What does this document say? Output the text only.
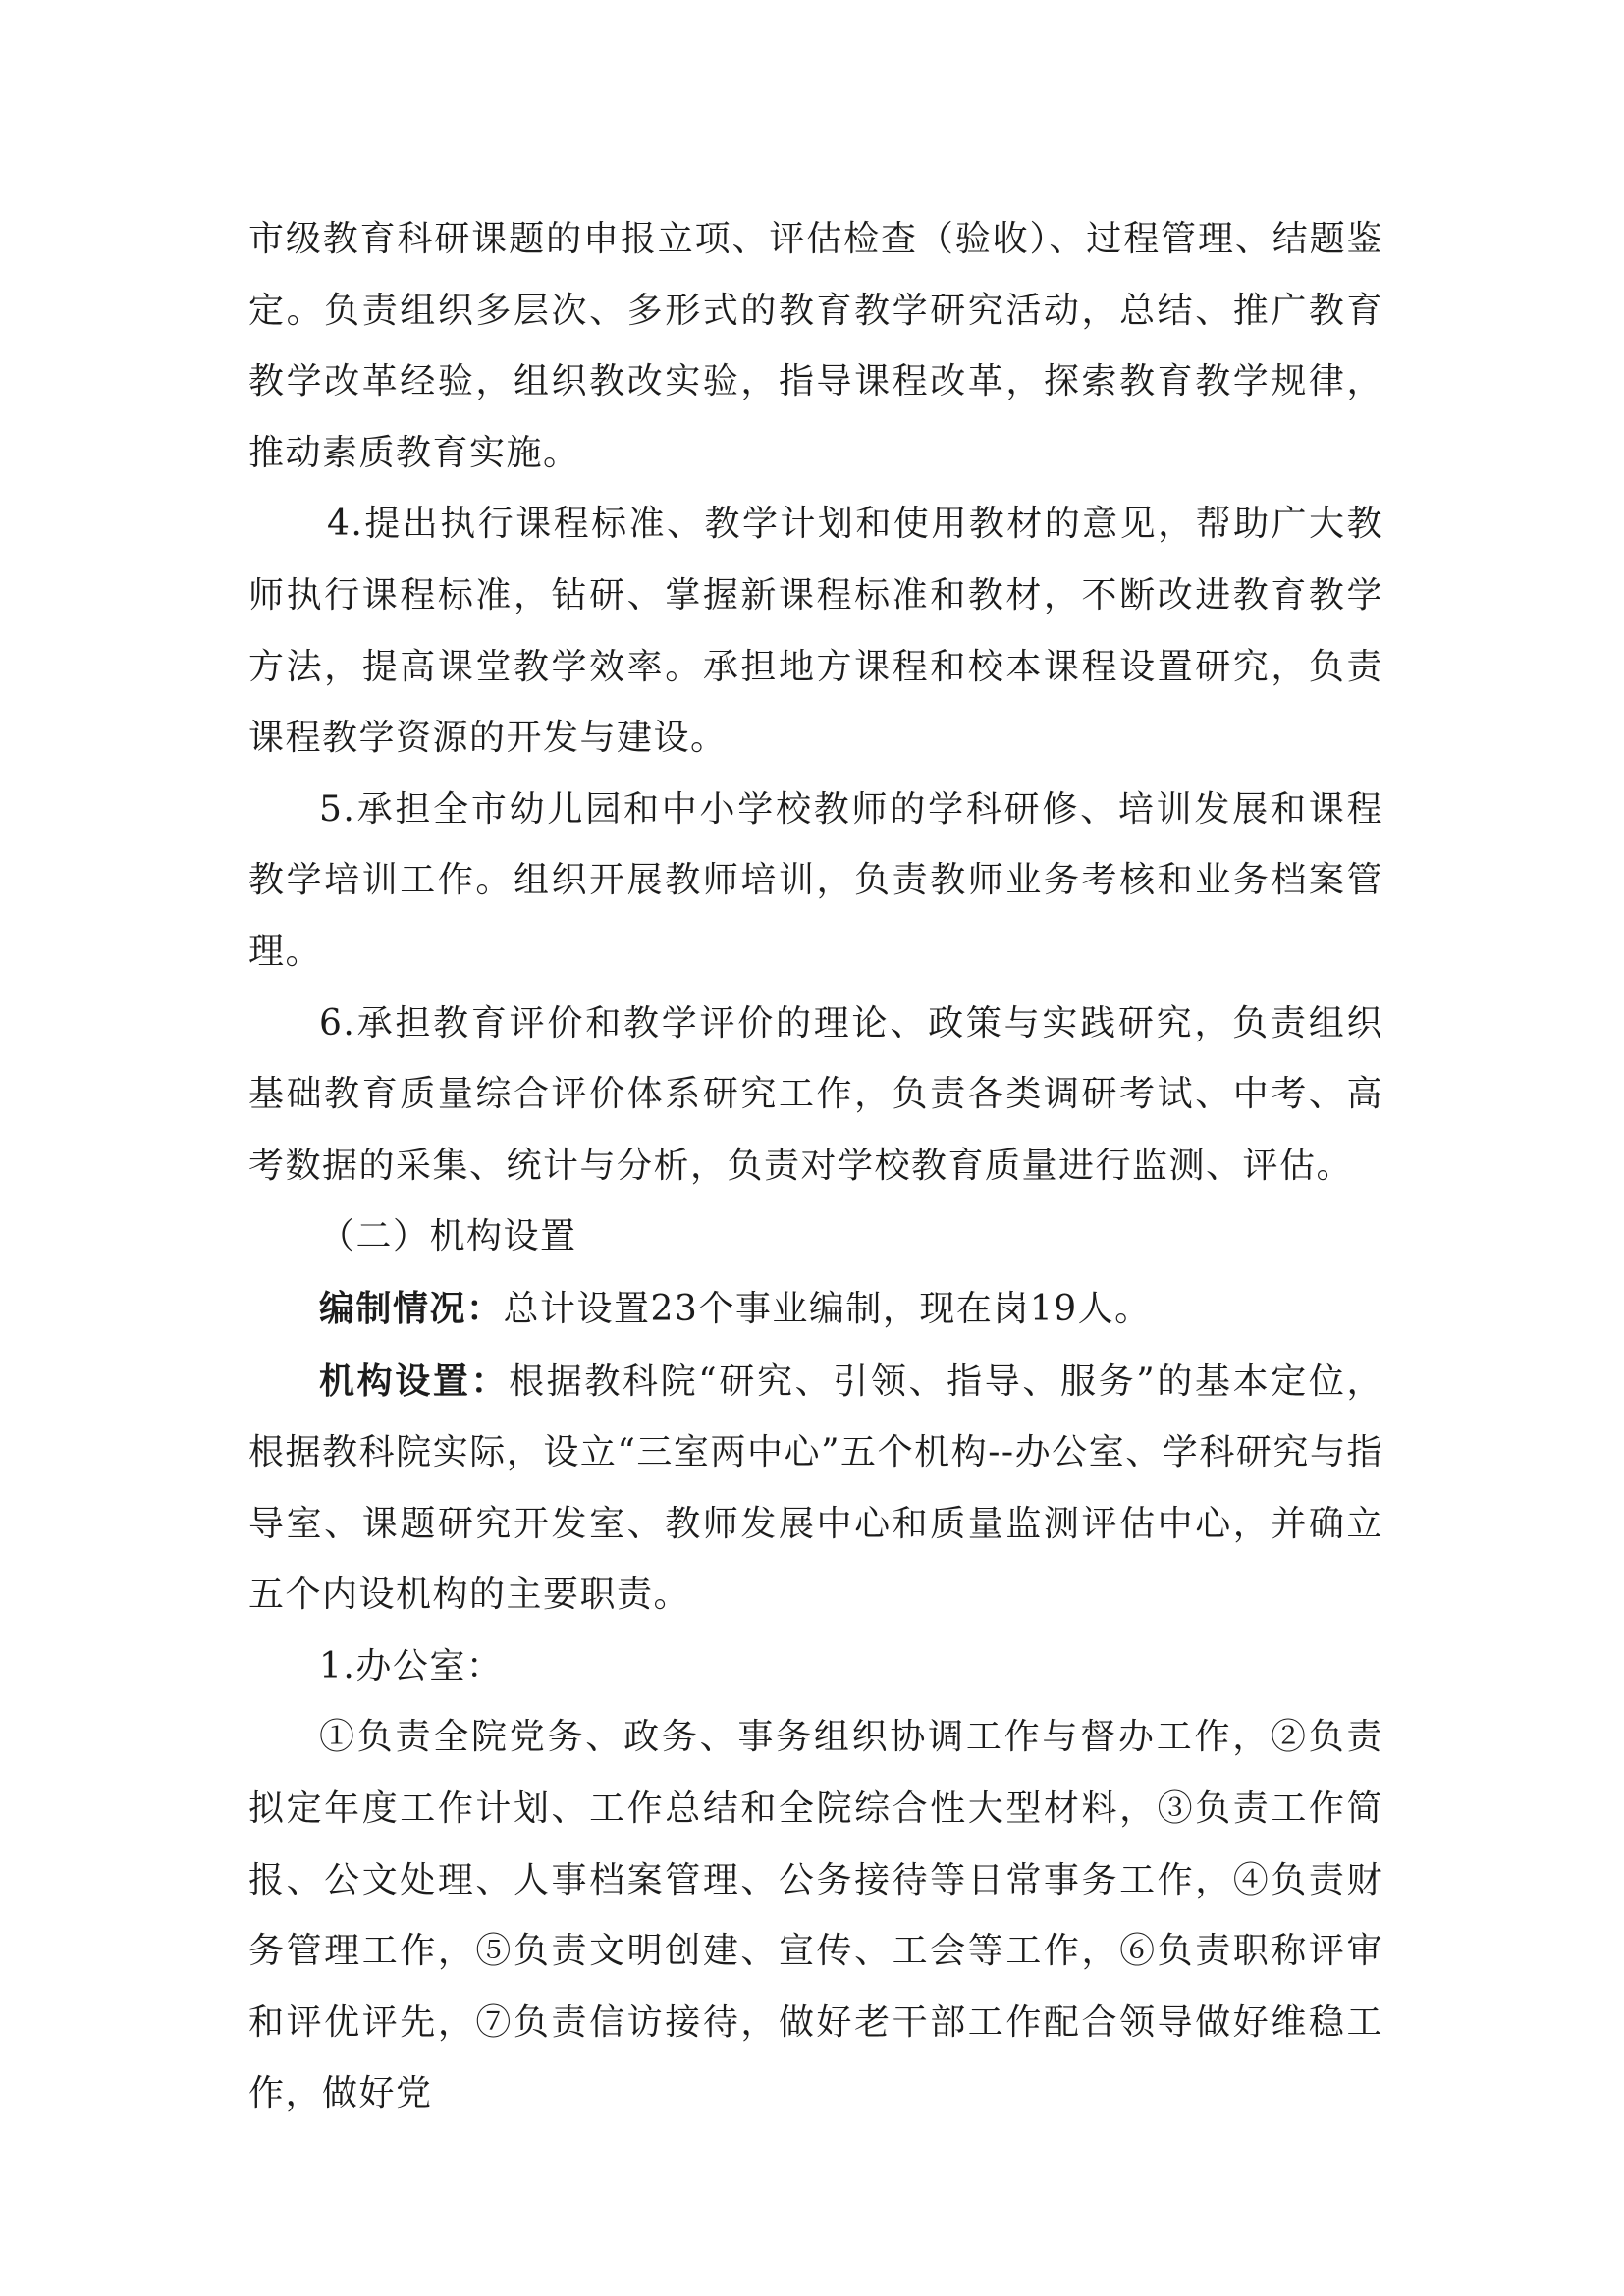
市级教育科研课题的申报立项、评估检查（验收）、过程管理、结题鉴定。负责组织多层次、多形式的教育教学研究活动，总结、推广教育教学改革经验，组织教改实验，指导课程改革，探索教育教学规律，推动素质教育实施。

4.提出执行课程标准、教学计划和使用教材的意见，帮助广大教师执行课程标准，钻研、掌握新课程标准和教材，不断改进教育教学方法，提高课堂教学效率。承担地方课程和校本课程设置研究，负责课程教学资源的开发与建设。

5.承担全市幼儿园和中小学校教师的学科研修、培训发展和课程教学培训工作。组织开展教师培训，负责教师业务考核和业务档案管理。

6.承担教育评价和教学评价的理论、政策与实践研究，负责组织基础教育质量综合评价体系研究工作，负责各类调研考试、中考、高考数据的采集、统计与分析，负责对学校教育质量进行监测、评估。

（二）机构设置

编制情况：总计设置23个事业编制，现在岗19人。

机构设置：根据教科院“研究、引领、指导、服务”的基本定位，根据教科院实际，设立“三室两中心”五个机构--办公室、学科研究与指导室、课题研究开发室、教师发展中心和质量监测评估中心，并确立五个内设机构的主要职责。

1.办公室：

①负责全院党务、政务、事务组织协调工作与督办工作，②负责拟定年度工作计划、工作总结和全院综合性大型材料，③负责工作简报、公文处理、人事档案管理、公务接待等日常事务工作，④负责财务管理工作，⑤负责文明创建、宣传、工会等工作，⑥负责职称评审和评优评先，⑦负责信访接待，做好老干部工作配合领导做好维稳工作，做好党
